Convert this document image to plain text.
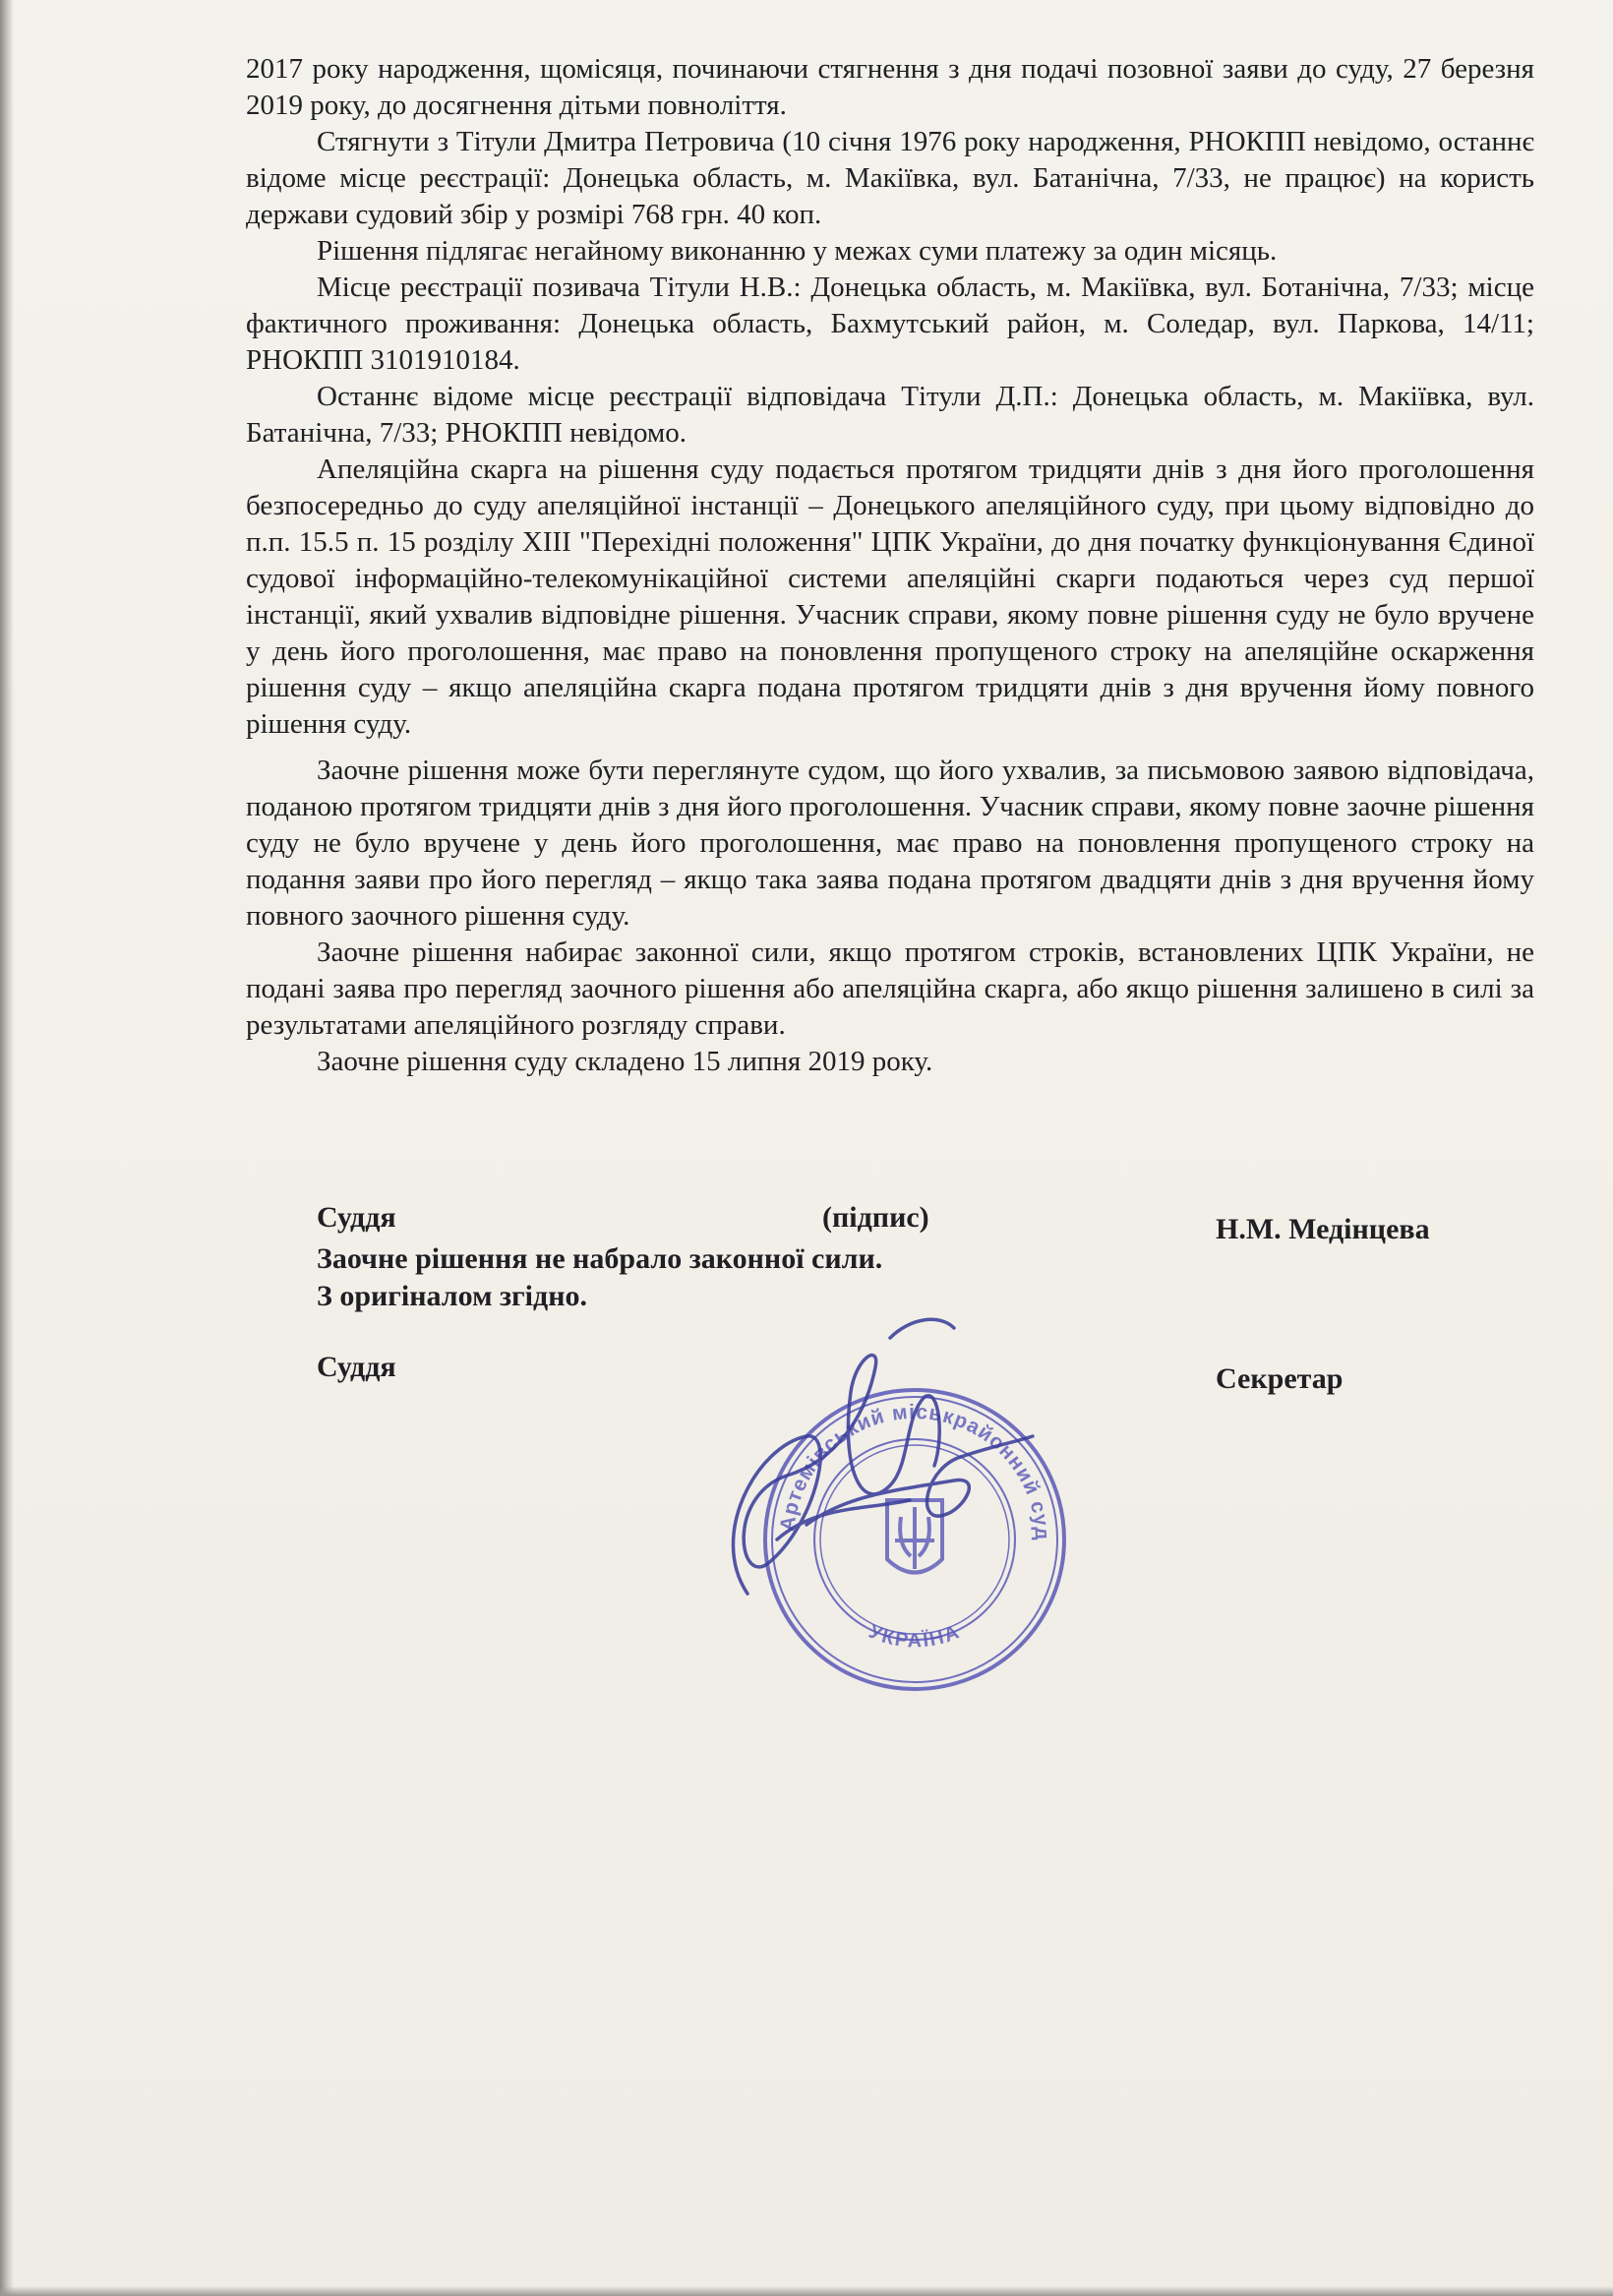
2017 року народження, щомісяця, починаючи стягнення з дня подачі позовної заяви до суду, 27 березня 2019 року, до досягнення дітьми повноліття.

Стягнути з Тітули Дмитра Петровича (10 січня 1976 року народження, РНОКПП невідомо, останнє відоме місце реєстрації: Донецька область, м. Макіївка, вул. Батанічна, 7/33, не працює) на користь держави судовий збір у розмірі 768 грн. 40 коп.

Рішення підлягає негайному виконанню у межах суми платежу за один місяць.

Місце реєстрації позивача Тітули Н.В.: Донецька область, м. Макіївка, вул. Ботанічна, 7/33; місце фактичного проживання: Донецька область, Бахмутський район, м. Соледар, вул. Паркова, 14/11; РНОКПП 3101910184.

Останнє відоме місце реєстрації відповідача Тітули Д.П.: Донецька область, м. Макіївка, вул. Батанічна, 7/33; РНОКПП невідомо.

Апеляційна скарга на рішення суду подається протягом тридцяти днів з дня його проголошення безпосередньо до суду апеляційної інстанції – Донецького апеляційного суду, при цьому відповідно до п.п. 15.5 п. 15 розділу XIII "Перехідні положення" ЦПК України, до дня початку функціонування Єдиної судової інформаційно-телекомунікаційної системи апеляційні скарги подаються через суд першої інстанції, який ухвалив відповідне рішення. Учасник справи, якому повне рішення суду не було вручене у день його проголошення, має право на поновлення пропущеного строку на апеляційне оскарження рішення суду – якщо апеляційна скарга подана протягом тридцяти днів з дня вручення йому повного рішення суду.

Заочне рішення може бути переглянуте судом, що його ухвалив, за письмовою заявою відповідача, поданою протягом тридцяти днів з дня його проголошення. Учасник справи, якому повне заочне рішення суду не було вручене у день його проголошення, має право на поновлення пропущеного строку на подання заяви про його перегляд – якщо така заява подана протягом двадцяти днів з дня вручення йому повного заочного рішення суду.

Заочне рішення набирає законної сили, якщо протягом строків, встановлених ЦПК України, не подані заява про перегляд заочного рішення або апеляційна скарга, або якщо рішення залишено в силі за результатами апеляційного розгляду справи.

Заочне рішення суду складено 15 липня 2019 року.

Суддя	(підпис)	Н.М. Медінцева
Заочне рішення не набрало законної сили.
З оригіналом згідно.
Суддя	Секретар
Артемівський міськрайонний суд Донецької області
УКРАЇНА
